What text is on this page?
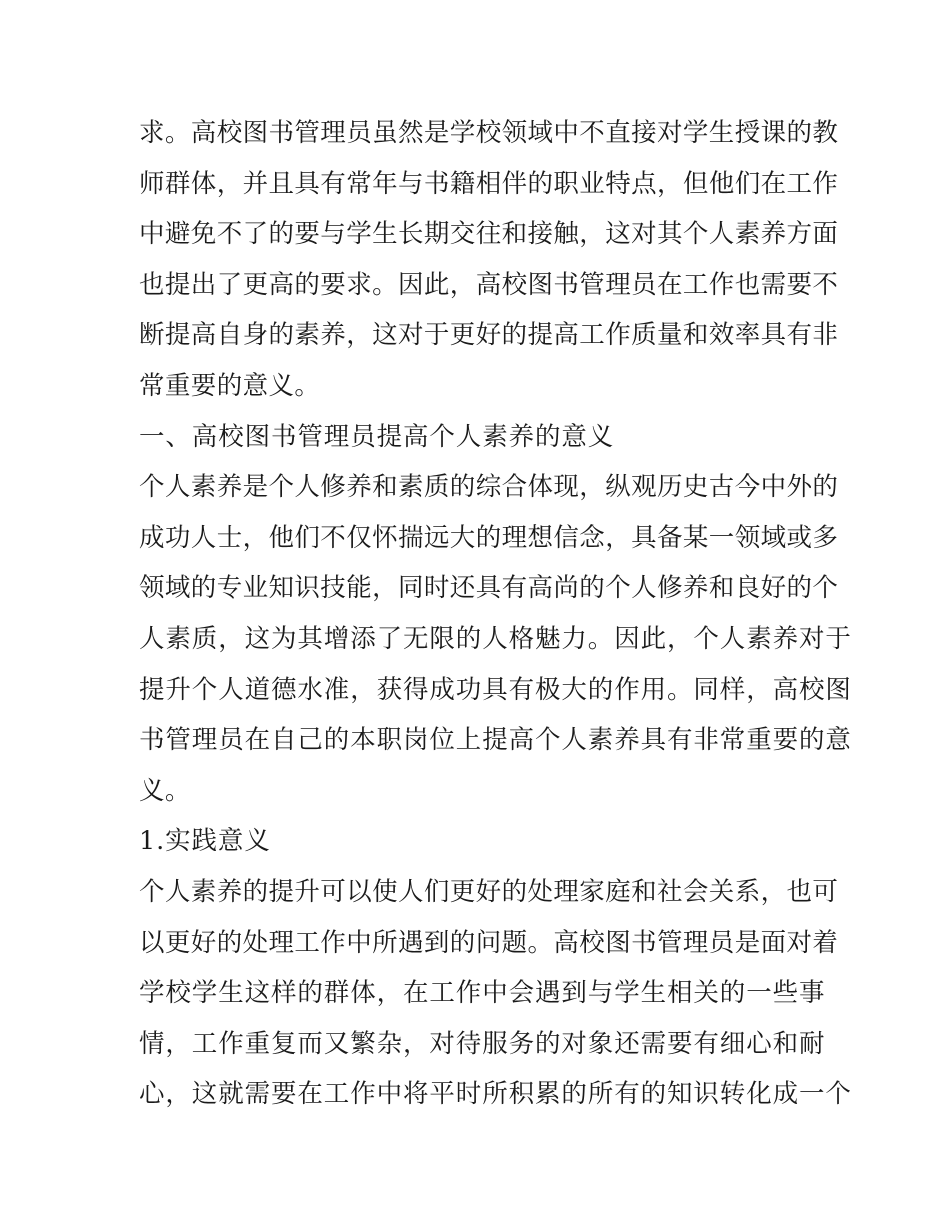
求。高校图书管理员虽然是学校领域中不直接对学生授课的教
师群体，并且具有常年与书籍相伴的职业特点，但他们在工作
中避免不了的要与学生长期交往和接触，这对其个人素养方面
也提出了更高的要求。因此，高校图书管理员在工作也需要不
断提高自身的素养，这对于更好的提高工作质量和效率具有非
常重要的意义。
一、高校图书管理员提高个人素养的意义
个人素养是个人修养和素质的综合体现，纵观历史古今中外的
成功人士，他们不仅怀揣远大的理想信念，具备某一领域或多
领域的专业知识技能，同时还具有高尚的个人修养和良好的个
人素质，这为其增添了无限的人格魅力。因此，个人素养对于
提升个人道德水准，获得成功具有极大的作用。同样，高校图
书管理员在自己的本职岗位上提高个人素养具有非常重要的意
义。
1.实践意义
个人素养的提升可以使人们更好的处理家庭和社会关系，也可
以更好的处理工作中所遇到的问题。高校图书管理员是面对着
学校学生这样的群体，在工作中会遇到与学生相关的一些事
情，工作重复而又繁杂，对待服务的对象还需要有细心和耐
心，这就需要在工作中将平时所积累的所有的知识转化成一个
